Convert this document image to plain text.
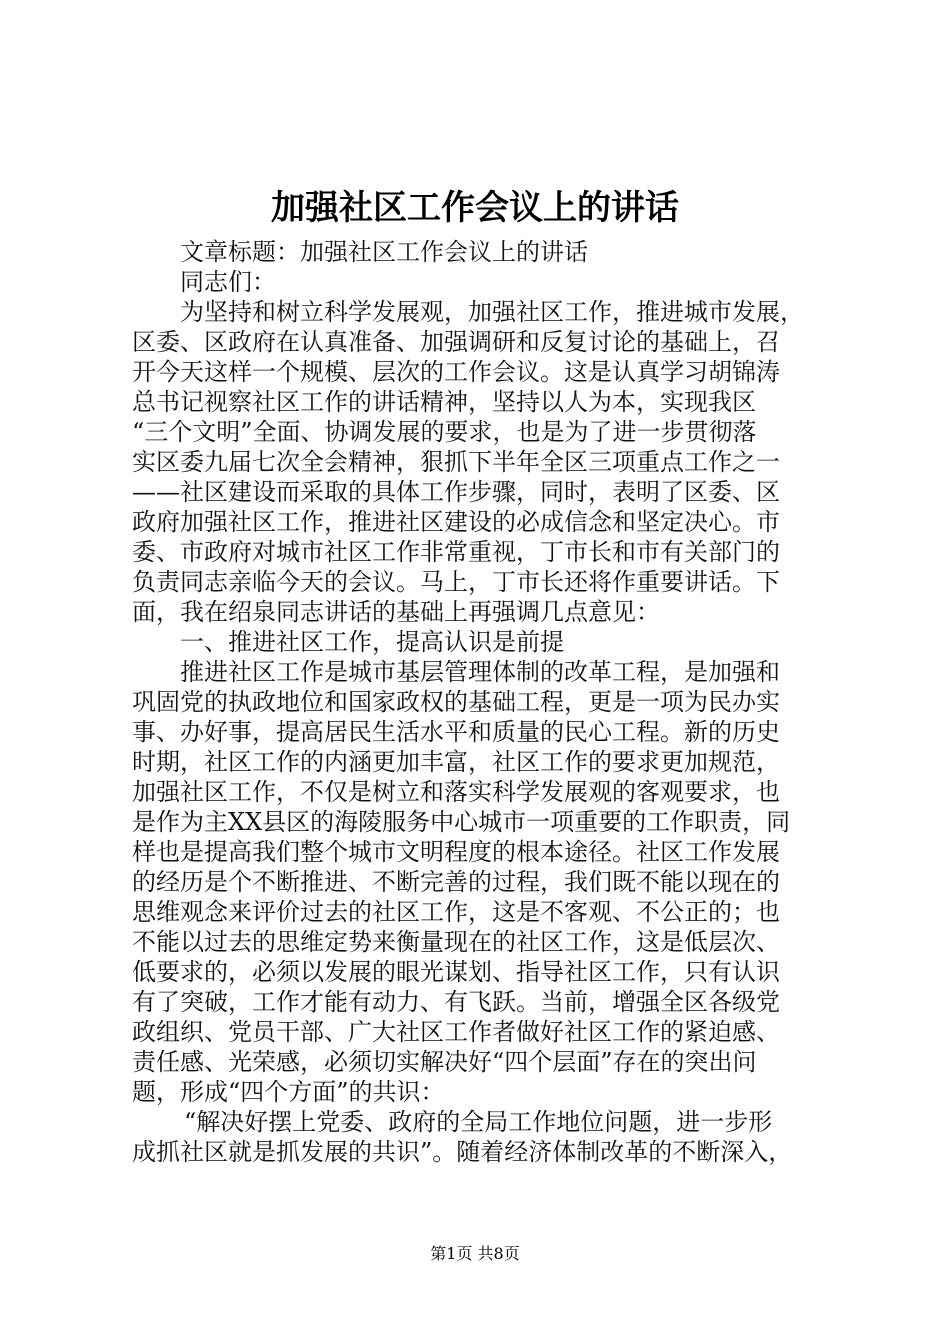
加强社区工作会议上的讲话
文章标题：加强社区工作会议上的讲话
同志们：
为坚持和树立科学发展观，加强社区工作，推进城市发展，
区委、区政府在认真准备、加强调研和反复讨论的基础上，召
开今天这样一个规模、层次的工作会议。这是认真学习胡锦涛
总书记视察社区工作的讲话精神，坚持以人为本，实现我区
“三个文明”全面、协调发展的要求，也是为了进一步贯彻落
实区委九届七次全会精神，狠抓下半年全区三项重点工作之一
——社区建设而采取的具体工作步骤，同时，表明了区委、区
政府加强社区工作，推进社区建设的必成信念和坚定决心。市
委、市政府对城市社区工作非常重视，丁市长和市有关部门的
负责同志亲临今天的会议。马上，丁市长还将作重要讲话。下
面，我在绍泉同志讲话的基础上再强调几点意见：
一、推进社区工作，提高认识是前提
推进社区工作是城市基层管理体制的改革工程，是加强和
巩固党的执政地位和国家政权的基础工程，更是一项为民办实
事、办好事，提高居民生活水平和质量的民心工程。新的历史
时期，社区工作的内涵更加丰富，社区工作的要求更加规范，
加强社区工作，不仅是树立和落实科学发展观的客观要求，也
是作为主XX县区的海陵服务中心城市一项重要的工作职责，同
样也是提高我们整个城市文明程度的根本途径。社区工作发展
的经历是个不断推进、不断完善的过程，我们既不能以现在的
思维观念来评价过去的社区工作，这是不客观、不公正的；也
不能以过去的思维定势来衡量现在的社区工作，这是低层次、
低要求的，必须以发展的眼光谋划、指导社区工作，只有认识
有了突破，工作才能有动力、有飞跃。当前，增强全区各级党
政组织、党员干部、广大社区工作者做好社区工作的紧迫感、
责任感、光荣感，必须切实解决好“四个层面”存在的突出问
题，形成“四个方面”的共识：
“解决好摆上党委、政府的全局工作地位问题，进一步形
成抓社区就是抓发展的共识”。随着经济体制改革的不断深入，
第1页 共8页
